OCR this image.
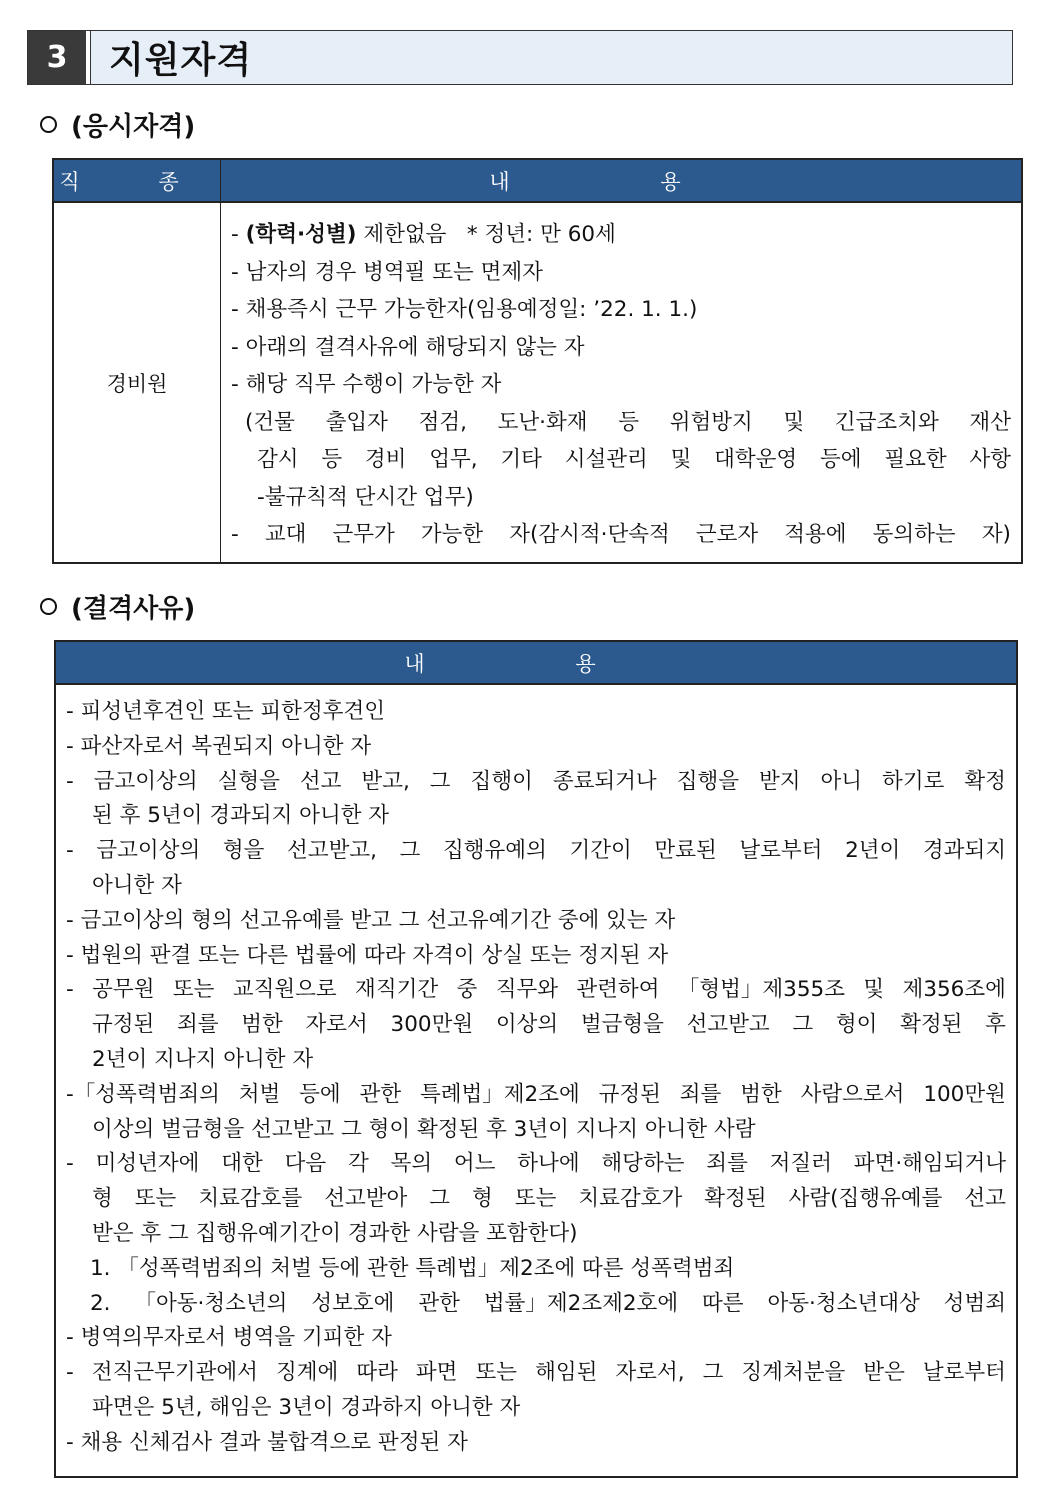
3	지원자격
(응시자격)
직 종	내 용
경비원
- (학력·성별) 제한없음   * 정년: 만 60세
- 남자의 경우 병역필 또는 면제자
- 채용즉시 근무 가능한자(임용예정일: ’22. 1. 1.)
- 아래의 결격사유에 해당되지 않는 자
- 해당 직무 수행이 가능한 자
(건물 출입자 점검, 도난·화재 등 위험방지 및 긴급조치와 재산
감시 등 경비 업무, 기타 시설관리 및 대학운영 등에 필요한 사항
-불규칙적 단시간 업무)
- 교대 근무가 가능한 자(감시적·단속적 근로자 적용에 동의하는 자)
(결격사유)
내 용
- 피성년후견인 또는 피한정후견인
- 파산자로서 복권되지 아니한 자
- 금고이상의 실형을 선고 받고, 그 집행이 종료되거나 집행을 받지 아니 하기로 확정
된 후 5년이 경과되지 아니한 자
- 금고이상의 형을 선고받고, 그 집행유예의 기간이 만료된 날로부터 2년이 경과되지
아니한 자
- 금고이상의 형의 선고유예를 받고 그 선고유예기간 중에 있는 자
- 법원의 판결 또는 다른 법률에 따라 자격이 상실 또는 정지된 자
- 공무원 또는 교직원으로 재직기간 중 직무와 관련하여 「형법」제355조 및 제356조에
규정된 죄를 범한 자로서 300만원 이상의 벌금형을 선고받고 그 형이 확정된 후
2년이 지나지 아니한 자
-「성폭력범죄의 처벌 등에 관한 특례법」제2조에 규정된 죄를 범한 사람으로서 100만원
이상의 벌금형을 선고받고 그 형이 확정된 후 3년이 지나지 아니한 사람
- 미성년자에 대한 다음 각 목의 어느 하나에 해당하는 죄를 저질러 파면·해임되거나
형 또는 치료감호를 선고받아 그 형 또는 치료감호가 확정된 사람(집행유예를 선고
받은 후 그 집행유예기간이 경과한 사람을 포함한다)
1. 「성폭력범죄의 처벌 등에 관한 특례법」제2조에 따른 성폭력범죄
2. 「아동·청소년의 성보호에 관한 법률」제2조제2호에 따른 아동·청소년대상 성범죄
- 병역의무자로서 병역을 기피한 자
- 전직근무기관에서 징계에 따라 파면 또는 해임된 자로서, 그 징계처분을 받은 날로부터
파면은 5년, 해임은 3년이 경과하지 아니한 자
- 채용 신체검사 결과 불합격으로 판정된 자
